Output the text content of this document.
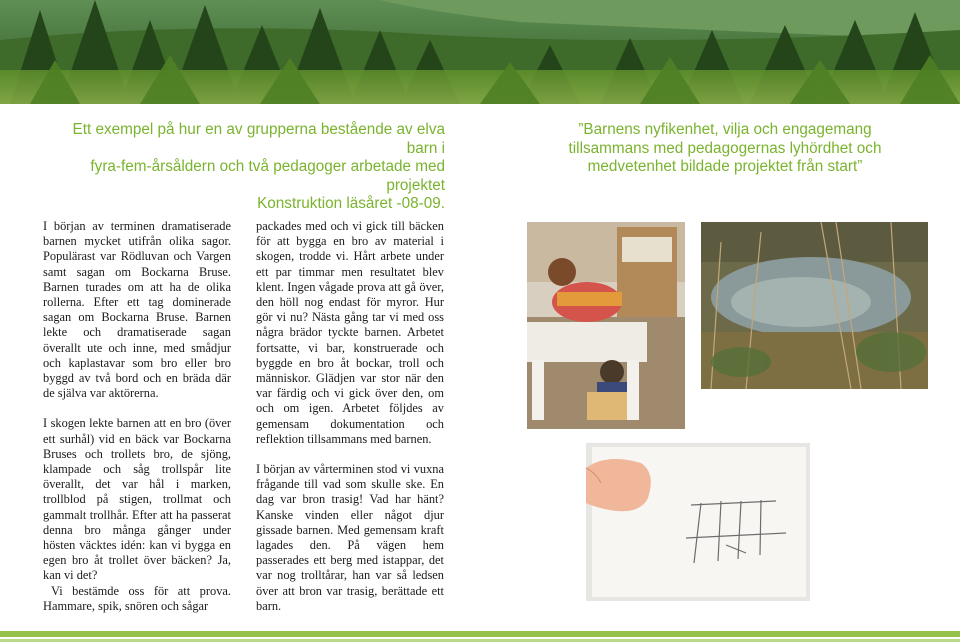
Ett exempel på hur en av grupperna bestående av elva barn i
fyra-fem-årsåldern och två pedagoger arbetade med projektet
Konstruktion läsåret -08-09.
”Barnens nyfikenhet, vilja och engagemang
tillsammans med pedagogernas lyhördhet och
medvetenhet bildade projektet från start”

I början av terminen dramatiserade barnen mycket utifrån olika sagor. Populärast var Rödluvan och Vargen samt sagan om Bockarna Bruse. Barnen turades om att ha de olika rollerna. Efter ett tag dominerade sagan om Bockarna Bruse. Barnen lekte och dramatiserade sagan överallt ute och inne, med smådjur och kaplastavar som bro eller bro byggd av två bord och en bräda där de själva var aktörerna.

I skogen lekte barnen att en bro (över ett surhål) vid en bäck var Bockarna Bruses och trollets bro, de sjöng, klampade och såg trollspår lite överallt, det var hål i marken, trollblod på stigen, trollmat och gammalt trollhår. Efter att ha passerat denna bro många gånger under hösten väcktes idén: kan vi bygga en egen bro åt trollet över bäcken? Ja, kan vi det?

Vi bestämde oss för att prova. Hammare, spik, snören och sågar

packades med och vi gick till bäcken för att bygga en bro av material i skogen, trodde vi. Hårt arbete under ett par timmar men resultatet blev klent. Ingen vågade prova att gå över, den höll nog endast för myror. Hur gör vi nu? Nästa gång tar vi med oss några brädor tyckte barnen. Arbetet fortsatte, vi bar, konstruerade och byggde en bro åt bockar, troll och människor. Glädjen var stor när den var färdig och vi gick över den, om och om igen. Arbetet följdes av gemensam dokumentation och reflektion tillsammans med barnen.

I början av vårterminen stod vi vuxna frågande till vad som skulle ske. En dag var bron trasig! Vad har hänt? Kanske vinden eller något djur gissade barnen. Med gemensam kraft lagades den. På vägen hem passerades ett berg med istappar, det var nog trolltårar, han var så ledsen över att bron var trasig, berättade ett barn.
